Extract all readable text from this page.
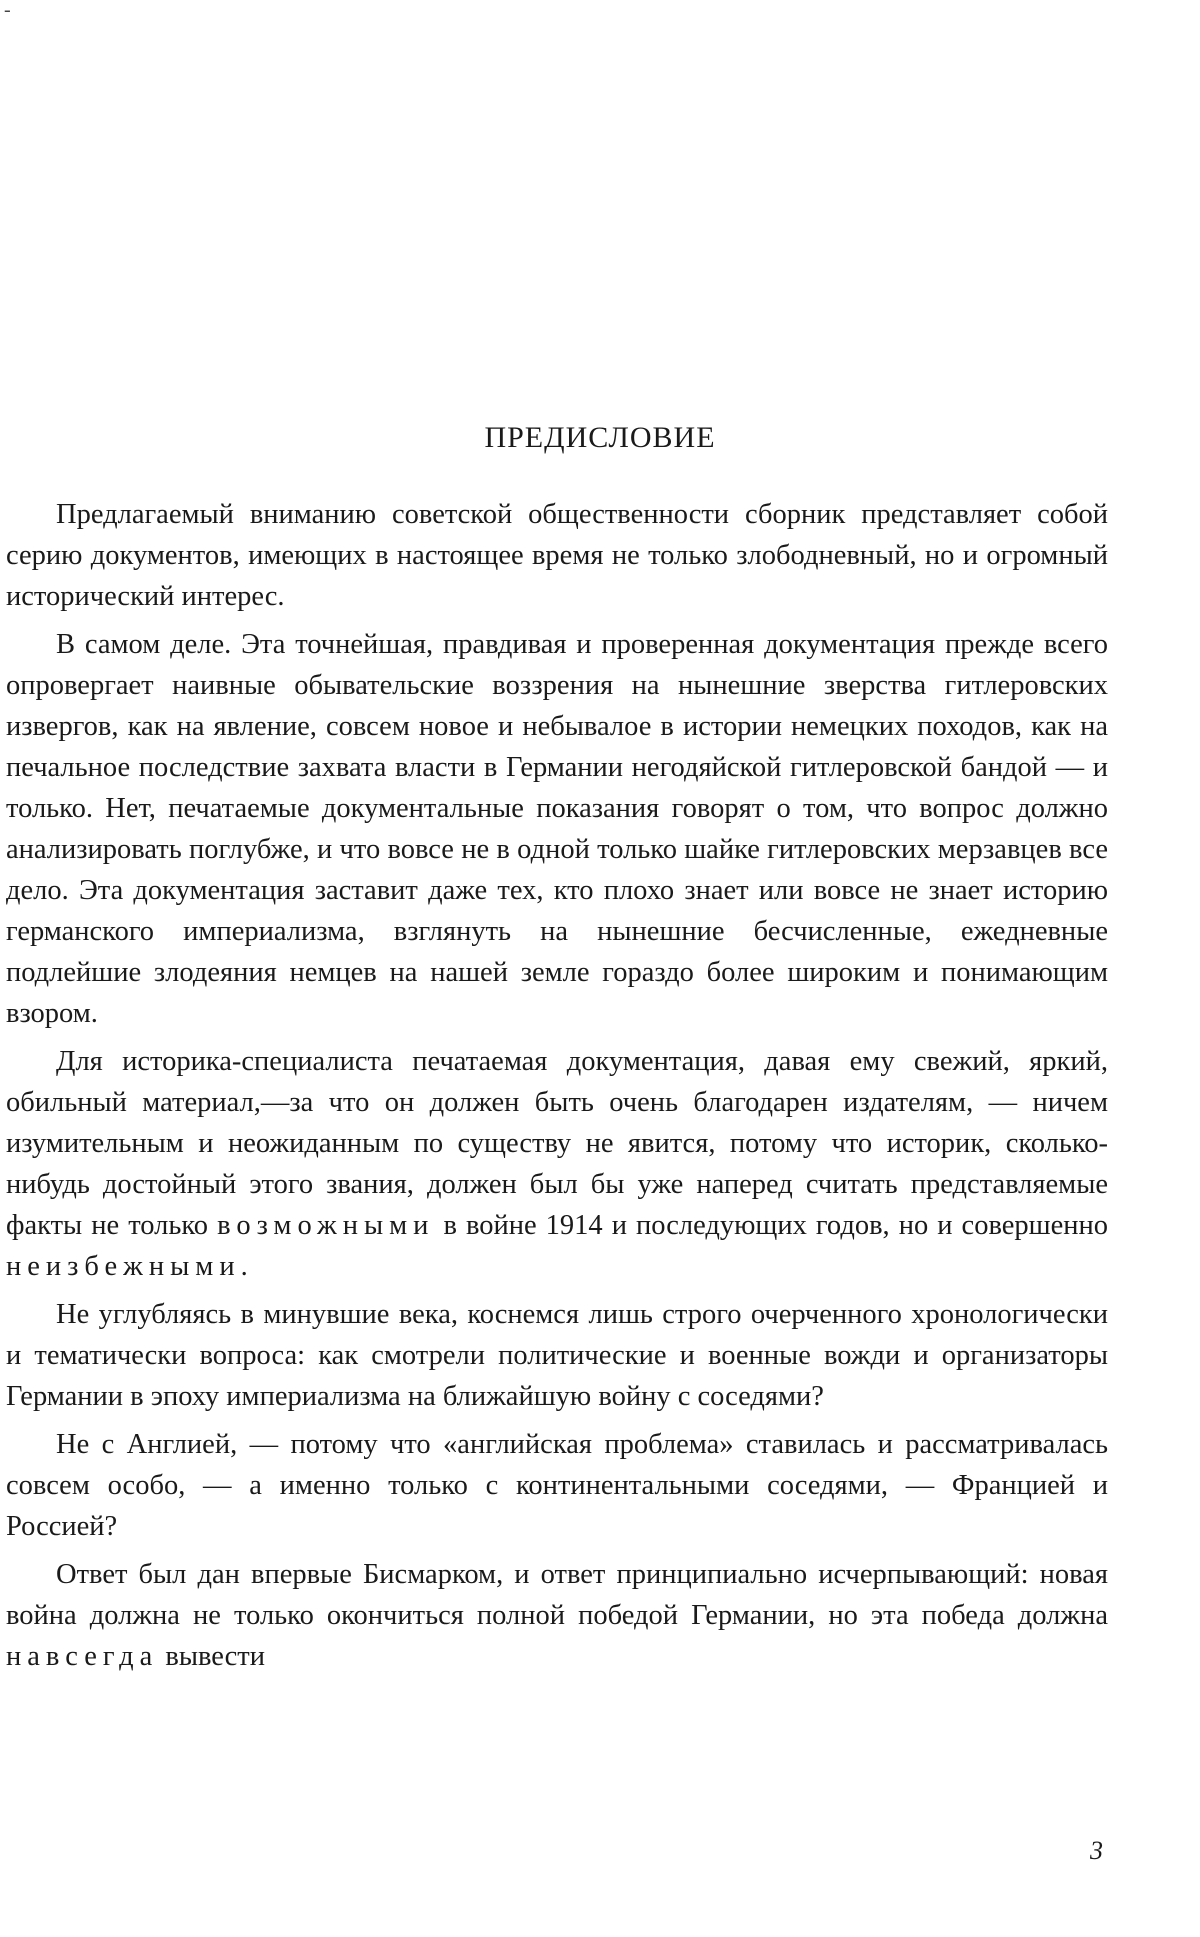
-
ПРЕДИСЛОВИЕ

Предлагаемый вниманию советской общественности сборник представляет собой серию документов, имеющих в настоящее время не только злободневный, но и огромный исторический интерес.

В самом деле. Эта точнейшая, правдивая и проверенная документация прежде всего опровергает наивные обывательские воззрения на нынешние зверства гитлеровских извергов, как на явление, совсем новое и небывалое в истории немецких походов, как на печальное последствие захвата власти в Германии негодяйской гитлеровской бандой — и только. Нет, печатаемые документальные показания говорят о том, что вопрос должно анализировать поглубже, и что вовсе не в одной только шайке гитлеровских мерзавцев все дело. Эта документация заставит даже тех, кто плохо знает или вовсе не знает историю германского империализма, взглянуть на нынешние бесчисленные, ежедневные подлейшие злодеяния немцев на нашей земле гораздо более широким и понимающим взором.

Для историка-специалиста печатаемая документация, давая ему свежий, яркий, обильный материал,—за что он должен быть очень благодарен издателям, — ничем изумительным и неожиданным по существу не явится, потому что историк, сколько-нибудь достойный этого звания, должен был бы уже наперед считать представляемые факты не только возможными в войне 1914 и последующих годов, но и совершенно неизбежными.

Не углубляясь в минувшие века, коснемся лишь строго очерченного хронологически и тематически вопроса: как смотрели политические и военные вожди и организаторы Германии в эпоху империализма на ближайшую войну с соседями?

Не с Англией, — потому что «английская проблема» ставилась и рассматривалась совсем особо, — а именно только с континентальными соседями, — Францией и Россией?

Ответ был дан впервые Бисмарком, и ответ принципиально исчерпывающий: новая война должна не только окончиться полной победой Германии, но эта победа должна навсегда вывести

3
